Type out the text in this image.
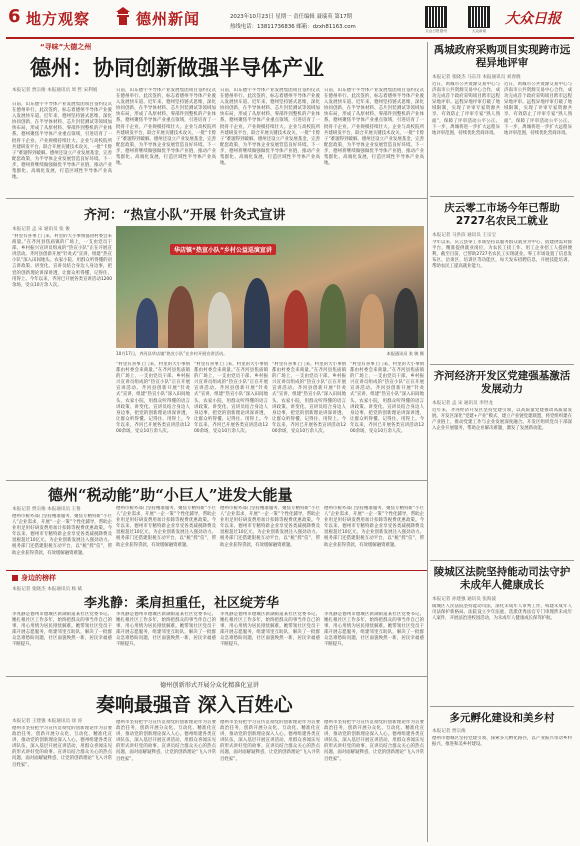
6 地方观察	德州新闻	2023年10月23日 星期一 责任编辑 聂瑞英 第17期
热线电话：13811736836 邮箱：dzxh81163.com
大众日报德州	大众新闻
大众日报
“寻味”大德之州
德州：协同创新做强半导体产业
本报记者 贾宗俊 本报通讯员 周 哲 宋利娟
日前，山东德宇半导体产业发展集团项目签约仪式在德州举行。此次签约，标志着德州半导体产业驶入发展快车道。近年来，德州坚持链式思维，深化协同创新，在半导体材料、芯片封装测试等领域加快布局，形成了从原材料、零部件到整机的产业体系。德州聚焦半导体产业重点领域，引进培育了一批骨干企业，产业规模持续壮大。企业与高校院所共建研发平台，联合开展关键技术攻关，一批“卡脖子”难题得到破解。德州还设立产业发展基金，完善配套政策，为半导体企业发展营造良好环境。下一步，德州将继续做强做优半导体产业链，推动产业集群化、高端化发展，打造区域性半导体产业高地。
日前，山东德宇半导体产业发展集团项目签约仪式在德州举行。此次签约，标志着德州半导体产业驶入发展快车道。近年来，德州坚持链式思维，深化协同创新，在半导体材料、芯片封装测试等领域加快布局，形成了从原材料、零部件到整机的产业体系。德州聚焦半导体产业重点领域，引进培育了一批骨干企业，产业规模持续壮大。企业与高校院所共建研发平台，联合开展关键技术攻关，一批“卡脖子”难题得到破解。德州还设立产业发展基金，完善配套政策，为半导体企业发展营造良好环境。下一步，德州将继续做强做优半导体产业链，推动产业集群化、高端化发展，打造区域性半导体产业高地。
日前，山东德宇半导体产业发展集团项目签约仪式在德州举行。此次签约，标志着德州半导体产业驶入发展快车道。近年来，德州坚持链式思维，深化协同创新，在半导体材料、芯片封装测试等领域加快布局，形成了从原材料、零部件到整机的产业体系。德州聚焦半导体产业重点领域，引进培育了一批骨干企业，产业规模持续壮大。企业与高校院所共建研发平台，联合开展关键技术攻关，一批“卡脖子”难题得到破解。德州还设立产业发展基金，完善配套政策，为半导体企业发展营造良好环境。下一步，德州将继续做强做优半导体产业链，推动产业集群化、高端化发展，打造区域性半导体产业高地。
日前，山东德宇半导体产业发展集团项目签约仪式在德州举行。此次签约，标志着德州半导体产业驶入发展快车道。近年来，德州坚持链式思维，深化协同创新，在半导体材料、芯片封装测试等领域加快布局，形成了从原材料、零部件到整机的产业体系。德州聚焦半导体产业重点领域，引进培育了一批骨干企业，产业规模持续壮大。企业与高校院所共建研发平台，联合开展关键技术攻关，一批“卡脖子”难题得到破解。德州还设立产业发展基金，完善配套政策，为半导体企业发展营造良好环境。下一步，德州将继续做强做优半导体产业链，推动产业集群化、高端化发展，打造区域性半导体产业高地。
禹城政府采购项目实现跨市远程异地评审
本报记者 张晓杰 马东洋 本报通讯员 刘春晓
近日，禹城市公共资源交易中心与济南市公共资源交易中心合作，成功完成首个政府采购项目跨市远程异地评审。远程异地评审打破了地域限制，实现了评审专家资源共享，有效防止了评审专家“熟人熟面”，保障了评审活动公平公正。下一步，禹城将进一步扩大远程异地评审范围，持续优化营商环境。
近日，禹城市公共资源交易中心与济南市公共资源交易中心合作，成功完成首个政府采购项目跨市远程异地评审。远程异地评审打破了地域限制，实现了评审专家资源共享，有效防止了评审专家“熟人熟面”，保障了评审活动公平公正。下一步，禹城将进一步扩大远程异地评审范围，持续优化营商环境。
齐河：“热宣小队”开展 针灸式宣讲
本报记者 孟 宋 通讯员 张 俊
“村里有喜事上门来，村里的大小事情都由村委会来商量。”在齐河县焦庙镇的广场上，一支由党员干部、乡村振兴宣讲员组成的“热宣小队”正在开展宣讲活动。齐河县创新开展“针灸式”宣讲，组建“热宣小队”深入田间地头、农家小院，用群众听得懂的语言讲政策、讲变化。宣讲员结合身边人身边事，把党的创新理论讲深讲透，让群众听得懂、记得住、用得上。今年以来，齐河已开展各类宣讲活动1200余场，受众10万余人次。
华店镇“热宣小队”乡村公益巡演宣讲
10月17日，齐河县华店镇“热宣小队”在乡村开展宣讲活动。	本报通讯员 张 敏 摄
“村里有喜事上门来，村里的大小事情都由村委会来商量。”在齐河县焦庙镇的广场上，一支由党员干部、乡村振兴宣讲员组成的“热宣小队”正在开展宣讲活动。齐河县创新开展“针灸式”宣讲，组建“热宣小队”深入田间地头、农家小院，用群众听得懂的语言讲政策、讲变化。宣讲员结合身边人身边事，把党的创新理论讲深讲透，让群众听得懂、记得住、用得上。今年以来，齐河已开展各类宣讲活动1200余场，受众10万余人次。
“村里有喜事上门来，村里的大小事情都由村委会来商量。”在齐河县焦庙镇的广场上，一支由党员干部、乡村振兴宣讲员组成的“热宣小队”正在开展宣讲活动。齐河县创新开展“针灸式”宣讲，组建“热宣小队”深入田间地头、农家小院，用群众听得懂的语言讲政策、讲变化。宣讲员结合身边人身边事，把党的创新理论讲深讲透，让群众听得懂、记得住、用得上。今年以来，齐河已开展各类宣讲活动1200余场，受众10万余人次。
“村里有喜事上门来，村里的大小事情都由村委会来商量。”在齐河县焦庙镇的广场上，一支由党员干部、乡村振兴宣讲员组成的“热宣小队”正在开展宣讲活动。齐河县创新开展“针灸式”宣讲，组建“热宣小队”深入田间地头、农家小院，用群众听得懂的语言讲政策、讲变化。宣讲员结合身边人身边事，把党的创新理论讲深讲透，让群众听得懂、记得住、用得上。今年以来，齐河已开展各类宣讲活动1200余场，受众10万余人次。
“村里有喜事上门来，村里的大小事情都由村委会来商量。”在齐河县焦庙镇的广场上，一支由党员干部、乡村振兴宣讲员组成的“热宣小队”正在开展宣讲活动。齐河县创新开展“针灸式”宣讲，组建“热宣小队”深入田间地头、农家小院，用群众听得懂的语言讲政策、讲变化。宣讲员结合身边人身边事，把党的创新理论讲深讲透，让群众听得懂、记得住、用得上。今年以来，齐河已开展各类宣讲活动1200余场，受众10万余人次。
庆云零工市场今年已帮助2727名农民工就业
本报记者 马洪滨 通讯员 王宗宝
今年以来，庆云县零工市场坚持以服务群众就业为中心，搭建供需对接平台，精准提供就业岗位，为农民工找工作、用工企业招工人提供便利。截至目前，已帮助2727名农民工实现就业。零工市场设置了信息发布区、洽谈区、培训区等功能区，每天发布招聘信息，开展技能培训，帮助农民工提高就业能力。
齐河经济开发区党建强基激活发展动力
本报记者 孟 宋 通讯员 李世龙
近年来，齐河经济开发区坚持党建引领，以高质量党建推动高质量发展。开发区深化“党建+产业”模式，建立产业链党建联盟，将党组织建在产业链上，推动党建工作与企业发展深度融合。开发区组织党员干部深入企业开展服务，帮助企业解决难题，激发了发展新动能。
陵城区法院坚持能动司法守护未成年人健康成长
本报记者 孙建强 通讯员 张海波
陵城区人民法院坚持能动司法，深化未成年人审判工作，构建未成年人司法保护新格局。法院设立少年法庭，选派优秀法官专门审理涉未成年人案件，开展法治进校园活动，为未成年人健康成长保驾护航。
多元孵化建设和美乡村
本报记者 贾宗俊
德州市德城区坚持党建引领，探索多元孵化路径，以产业振兴带动乡村振兴，推进和美乡村建设。
德州“税动能”助“小巨人”进发大能量
本报记者 贾宗俊 本报通讯员 王鲁
德州市税务部门坚持精准服务，聚焦专精特新“小巨人”企业需求，开展“一企一策”个性化辅导，帮助企业用足用好研发费用加计扣除等税费优惠政策。今年以来，德州市专精特新企业享受各类减税降费及退税超过10亿元，为企业创新发展注入强劲动力。税务部门还搭建银税互动平台，以“税”授“信”，帮助企业获得贷款，有效缓解融资难题。
德州市税务部门坚持精准服务，聚焦专精特新“小巨人”企业需求，开展“一企一策”个性化辅导，帮助企业用足用好研发费用加计扣除等税费优惠政策。今年以来，德州市专精特新企业享受各类减税降费及退税超过10亿元，为企业创新发展注入强劲动力。税务部门还搭建银税互动平台，以“税”授“信”，帮助企业获得贷款，有效缓解融资难题。
德州市税务部门坚持精准服务，聚焦专精特新“小巨人”企业需求，开展“一企一策”个性化辅导，帮助企业用足用好研发费用加计扣除等税费优惠政策。今年以来，德州市专精特新企业享受各类减税降费及退税超过10亿元，为企业创新发展注入强劲动力。税务部门还搭建银税互动平台，以“税”授“信”，帮助企业获得贷款，有效缓解融资难题。
德州市税务部门坚持精准服务，聚焦专精特新“小巨人”企业需求，开展“一企一策”个性化辅导，帮助企业用足用好研发费用加计扣除等税费优惠政策。今年以来，德州市专精特新企业享受各类减税降费及退税超过10亿元，为企业创新发展注入强劲动力。税务部门还搭建银税互动平台，以“税”授“信”，帮助企业获得贷款，有效缓解融资难题。
身边的榜样
本报记者 张晓杰 本报通讯员 杨 斌
李兆静：柔肩担重任，社区绽芳华
李兆静是德州市德城区新湖街道某社区党委书记。她扎根社区工作多年，始终把群众的事当作自己的事，用心用情为居民排忧解难。她带领社区党员干部开展志愿服务，组建邻里互助队，解决了一批群众急难愁盼问题，社区面貌焕然一新，居民幸福感不断提升。
李兆静是德州市德城区新湖街道某社区党委书记。她扎根社区工作多年，始终把群众的事当作自己的事，用心用情为居民排忧解难。她带领社区党员干部开展志愿服务，组建邻里互助队，解决了一批群众急难愁盼问题，社区面貌焕然一新，居民幸福感不断提升。
李兆静是德州市德城区新湖街道某社区党委书记。她扎根社区工作多年，始终把群众的事当作自己的事，用心用情为居民排忧解难。她带领社区党员干部开展志愿服务，组建邻里互助队，解决了一批群众急难愁盼问题，社区面貌焕然一新，居民幸福感不断提升。
李兆静是德州市德城区新湖街道某社区党委书记。她扎根社区工作多年，始终把群众的事当作自己的事，用心用情为居民排忧解难。她带领社区党员干部开展志愿服务，组建邻里互助队，解决了一批群众急难愁盼问题，社区面貌焕然一新，居民幸福感不断提升。
德州创新形式开展分众化精准化宣讲
奏响最强音 深入百姓心
本报记者 王建强 本报通讯员 徐 涛
德州市坚持把学习宣传贯彻党的创新理论作为首要政治任务，创新开展分众化、互动化、精准化宣讲，推动党的创新理论深入人心。德州组建各类宣讲队伍，深入基层开展宣讲活动，用群众喜闻乐见的形式讲好党的故事。宣讲员结合群众关心的热点问题，面对面解疑释惑，让党的创新理论“飞入寻常百姓家”。
德州市坚持把学习宣传贯彻党的创新理论作为首要政治任务，创新开展分众化、互动化、精准化宣讲，推动党的创新理论深入人心。德州组建各类宣讲队伍，深入基层开展宣讲活动，用群众喜闻乐见的形式讲好党的故事。宣讲员结合群众关心的热点问题，面对面解疑释惑，让党的创新理论“飞入寻常百姓家”。
德州市坚持把学习宣传贯彻党的创新理论作为首要政治任务，创新开展分众化、互动化、精准化宣讲，推动党的创新理论深入人心。德州组建各类宣讲队伍，深入基层开展宣讲活动，用群众喜闻乐见的形式讲好党的故事。宣讲员结合群众关心的热点问题，面对面解疑释惑，让党的创新理论“飞入寻常百姓家”。
德州市坚持把学习宣传贯彻党的创新理论作为首要政治任务，创新开展分众化、互动化、精准化宣讲，推动党的创新理论深入人心。德州组建各类宣讲队伍，深入基层开展宣讲活动，用群众喜闻乐见的形式讲好党的故事。宣讲员结合群众关心的热点问题，面对面解疑释惑，让党的创新理论“飞入寻常百姓家”。
